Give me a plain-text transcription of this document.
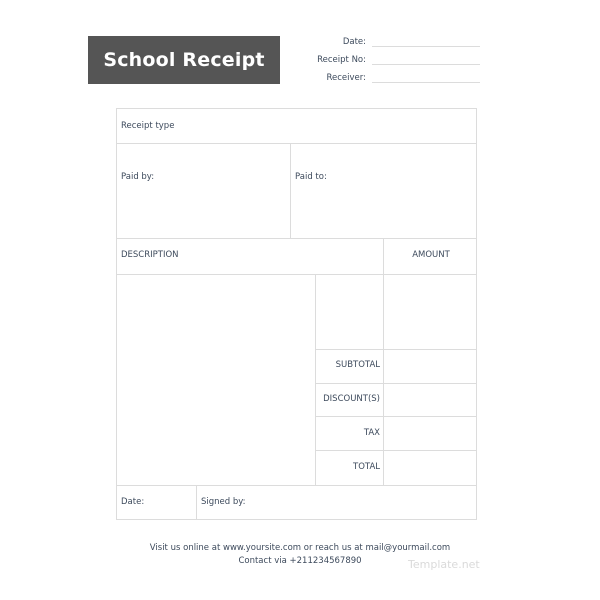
School Receipt
Date:
Receipt No:
Receiver:
Receipt type
Paid by:	Paid to:
DESCRIPTION	AMOUNT
SUBTOTAL
DISCOUNT(S)
TAX
TOTAL
Date:	Signed by:
Visit us online at www.yoursite.com or reach us at mail@yourmail.com
Contact via +211234567890	Template.net
